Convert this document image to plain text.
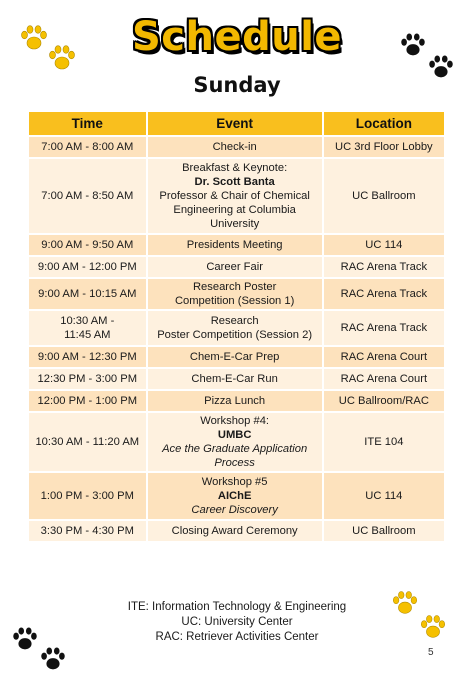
Schedule
Sunday
Time	Event	Location

7:00 AM - 8:00 AM	Check-in	UC 3rd Floor Lobby

7:00 AM - 8:50 AM	Breakfast & Keynote:
Dr. Scott Banta
Professor & Chair of Chemical
Engineering at Columbia
University	UC Ballroom

9:00 AM - 9:50 AM	Presidents Meeting	UC 114

9:00 AM - 12:00 PM	Career Fair	RAC Arena Track

9:00 AM - 10:15 AM	Research Poster
Competition (Session 1)	RAC Arena Track

10:30 AM -
11:45 AM	Research
Poster Competition (Session 2)	RAC Arena Track

9:00 AM - 12:30 PM	Chem-E-Car Prep	RAC Arena Court

12:30 PM - 3:00 PM	Chem-E-Car Run	RAC Arena Court

12:00 PM - 1:00 PM	Pizza Lunch	UC Ballroom/RAC

10:30 AM - 11:20 AM	Workshop #4:
UMBC
Ace the Graduate Application
Process	ITE 104

1:00 PM - 3:00 PM	Workshop #5
AIChE
Career Discovery	UC 114

3:30 PM - 4:30 PM	Closing Award Ceremony	UC Ballroom
ITE: Information Technology & Engineering
UC: University Center
RAC: Retriever Activities Center
5
